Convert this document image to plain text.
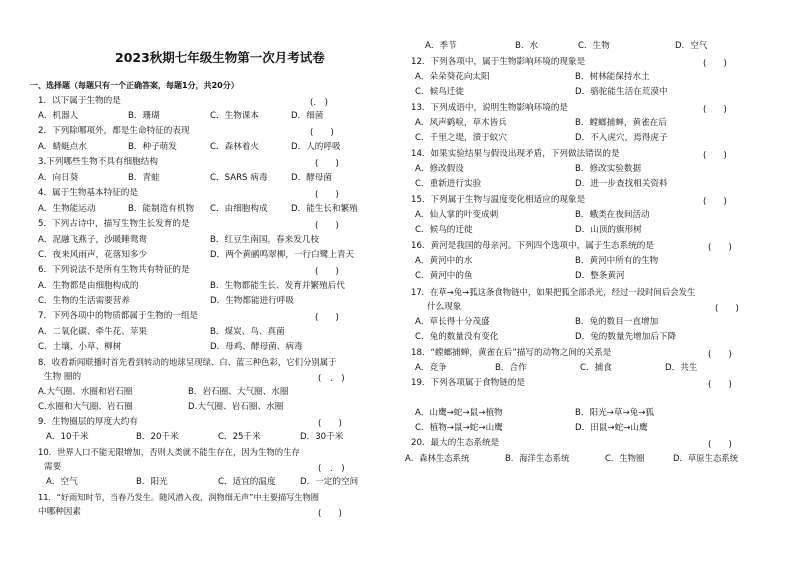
2023秋期七年级生物第一次月考试卷
一、选择题（每题只有一个正确答案，每题1分，共20分）
1．以下属于生物的是	(.　)
A．机器人	B．珊瑚	C．生物课本	D．细菌
2．下列除哪项外，都是生命特征的表现	(　　)
A．蜻蜓点水	B．种子萌发	C．森林着火	D．人的呼吸
3.下列哪些生物不具有细胞结构	(　　)
A．向日葵	B．青蛙	C．SARS 病毒	D．酵母菌
4．属于生物基本特征的是	(　　)
A．生物能运动	B．能制造有机物 C．由细胞构成	D．能生长和繁殖
5．下列古诗中，描写生物生长发育的是	(　　)
A．泥融飞燕子，沙暖睡鸳鸯	B．红豆生南国，春来发几枝
C．夜来风雨声，花落知多少	D．两个黄鹂鸣翠柳，一行白鹭上青天
6．下列说法不是所有生物共有特征的是	(　　)
A．生物都是由细胞构成的	B．生物都能生长、发育并繁殖后代
C．生物的生活需要营养	D．生物都能进行呼吸
7．下列各项中的物质都属于生物的一组是	(　　)
A．二氧化碳、牵牛花、苹果	B．煤炭、鸟、真菌
C．土壤、小草、柳树	D．母鸡、酵母菌、病毒
8．收看新闻联播时首先看到转动的地球呈现绿、白、蓝三种色彩，它们分别属于
生物 圈的	(　.　)
A.大气圈、水圈和岩石圈	B．岩石圈、大气圈、水圈
C.水圈和大气圈、岩石圈	D.大气圈、岩石圈、水圈
9．生物圈层的厚度大约有	(　　)
A．10千米	B．20千米	C．25千米	D．30千米
10．世界人口不能无限增加，否则人类就不能生存在，因为生物的生存
需要	(　.　)
A．空气	B．阳光	C．适宜的温度	D．一定的空间
11．“好雨知时节，当春乃发生。随风潜入夜，润物细无声”中主要描写生物圈
中哪种因素	(　　)
A．季节	B．水	C．生物	D．空气
12．下列各项中，属于生物影响环境的现象是	(　　)
A．朵朵葵花向太阳	B．树林能保持水土
C．候鸟迁徙	D．骆驼能生活在荒漠中
13．下列成语中，说明生物影响环境的是	(　　)
A．风声鹤唳，草木皆兵	B．螳螂捕蝉，黄雀在后
C．千里之堤，溃于蚁穴	D．不入虎穴，焉得虎子
14．如果实验结果与假设出现矛盾，下列做法错误的是	(　　)
A．修改假设	B．修改实验数据
C．重新进行实验	D．进一步查找相关资料
15．下列属于生物与温度变化相适应的现象是	(　　)
A．仙人掌的叶变成刺	B．蛾类在夜间活动
C．候鸟的迁徙	D．山顶的旗形树
16．黄河是我国的母亲河。下列四个选项中，属于生态系统的是	(　　)
A．黄河中的水	B．黄河中所有的生物
C．黄河中的鱼	D．整条黄河
17．在草→兔→狐这条食物链中，如果把狐全部杀光，经过一段时间后会发生
什么现象	(　　)
A．草长得十分茂盛	B．兔的数目一直增加
C．兔的数量没有变化	D．兔的数量先增加后下降
18．“螳螂捕蝉，黄雀在后”描写的动物之间的关系是	(　　)
A．竞争	B．合作	C．捕食	D．共生
19．下列各项属于食物链的是	(　　)
A．山鹰→蛇→鼠→植物	B．阳光→草→兔→狐
C．植物→鼠→蛇→山鹰	D．田鼠→蛇→山鹰
20．最大的生态系统是	(　　)
A．森林生态系统	B．海洋生态系统	C．生物圈	D．草原生态系统
